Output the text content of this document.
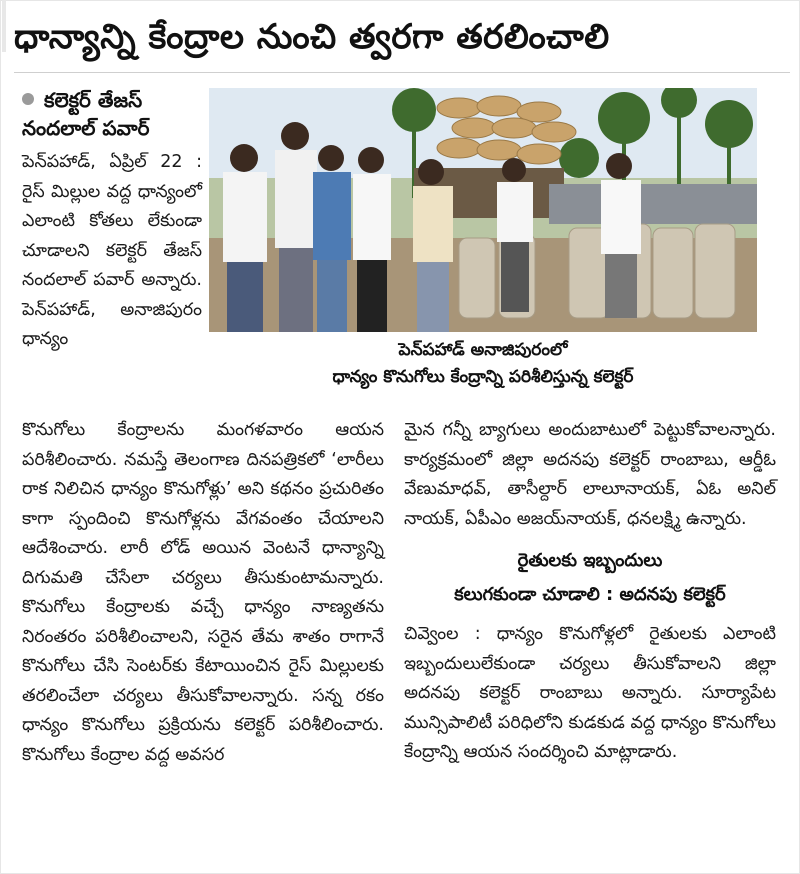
ధాన్యాన్ని కేంద్రాల నుంచి త్వరగా తరలించాలి
కలెక్టర్ తేజస్
నందలాల్ పవార్

పెన్‌పహాడ్, ఏప్రిల్ 22 : రైస్ మిల్లుల వద్ద ధాన్యంలో ఎలాంటి కోతలు లేకుండా చూడాలని కలెక్టర్ తేజస్ నందలాల్ పవార్ అన్నారు. పెన్‌పహాడ్, అనాజిపురం ధాన్యం

పెన్‌పహాడ్ అనాజిపురంలో
ధాన్యం కొనుగోలు కేంద్రాన్ని పరిశీలిస్తున్న కలెక్టర్

కొనుగోలు కేంద్రాలను మంగళవారం ఆయన పరిశీలించారు. నమస్తే తెలంగాణ దినపత్రికలో ‘లారీలు రాక నిలిచిన ధాన్యం కొనుగోళ్లు’ అని కథనం ప్రచురితం కాగా స్పందించి కొనుగోళ్లను వేగవంతం చేయాలని ఆదేశించారు. లారీ లోడ్ అయిన వెంటనే ధాన్యాన్ని దిగుమతి చేసేలా చర్యలు తీసుకుంటామన్నారు. కొనుగోలు కేంద్రాలకు వచ్చే ధాన్యం నాణ్యతను నిరంతరం పరిశీలించాలని, సరైన తేమ శాతం రాగానే కొనుగోలు చేసి సెంటర్‌కు కేటాయించిన రైస్ మిల్లులకు తరలించేలా చర్యలు తీసుకోవాలన్నారు. సన్న రకం ధాన్యం కొనుగోలు ప్రక్రియను కలెక్టర్ పరిశీలించారు. కొనుగోలు కేంద్రాల వద్ద అవసర

మైన గన్నీ బ్యాగులు అందుబాటులో పెట్టుకోవాలన్నారు. కార్యక్రమంలో జిల్లా అదనపు కలెక్టర్ రాంబాబు, ఆర్డీఓ వేణుమాధవ్, తాసీల్దార్ లాలూనాయక్, ఏఓ అనిల్ నాయక్, ఏపీఎం అజయ్‌నాయక్, ధనలక్ష్మి ఉన్నారు.

రైతులకు ఇబ్బందులు
కలుగకుండా చూడాలి : అదనపు కలెక్టర్

చివ్వెంల : ధాన్యం కొనుగోళ్లలో రైతులకు ఎలాంటి ఇబ్బందులులేకుండా చర్యలు తీసుకోవాలని జిల్లా అదనపు కలెక్టర్ రాంబాబు అన్నారు. సూర్యాపేట మున్సిపాలిటీ పరిధిలోని కుడకుడ వద్ద ధాన్యం కొనుగోలు కేంద్రాన్ని ఆయన సందర్శించి మాట్లాడారు.
